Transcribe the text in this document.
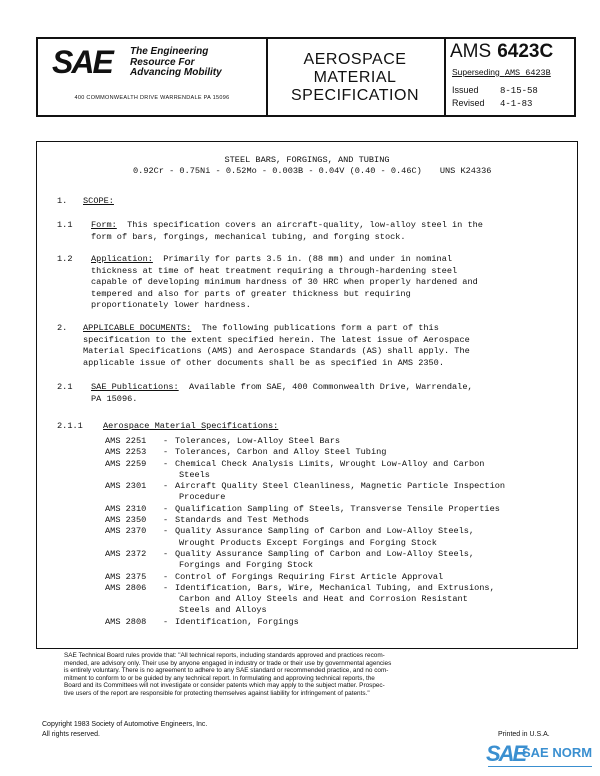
SAE	The Engineering
Resource For
Advancing Mobility
400 COMMONWEALTH DRIVE WARRENDALE PA 15096
AEROSPACE
MATERIAL
SPECIFICATION
AMS 6423C
Superseding AMS 6423B
Issued 8-15-58
Revised 4-1-83
STEEL BARS, FORGINGS, AND TUBING
0.92Cr - 0.75Ni - 0.52Mo - 0.003B - 0.04V (0.40 - 0.46C) UNS K24336
1. SCOPE:
1.1 Form: This specification covers an aircraft-quality, low-alloy steel in the
form of bars, forgings, mechanical tubing, and forging stock.
1.2 Application: Primarily for parts 3.5 in. (88 mm) and under in nominal
thickness at time of heat treatment requiring a through-hardening steel
capable of developing minimum hardness of 30 HRC when properly hardened and
tempered and also for parts of greater thickness but requiring
proportionately lower hardness.
2. APPLICABLE DOCUMENTS: The following publications form a part of this
specification to the extent specified herein. The latest issue of Aerospace
Material Specifications (AMS) and Aerospace Standards (AS) shall apply. The
applicable issue of other documents shall be as specified in AMS 2350.
2.1 SAE Publications: Available from SAE, 400 Commonwealth Drive, Warrendale,
PA 15096.
2.1.1 Aerospace Material Specifications:
AMS 2251 - Tolerances, Low-Alloy Steel Bars
AMS 2253 - Tolerances, Carbon and Alloy Steel Tubing
AMS 2259 - Chemical Check Analysis Limits, Wrought Low-Alloy and Carbon
Steels
AMS 2301 - Aircraft Quality Steel Cleanliness, Magnetic Particle Inspection
Procedure
AMS 2310 - Qualification Sampling of Steels, Transverse Tensile Properties
AMS 2350 - Standards and Test Methods
AMS 2370 - Quality Assurance Sampling of Carbon and Low-Alloy Steels,
Wrought Products Except Forgings and Forging Stock
AMS 2372 - Quality Assurance Sampling of Carbon and Low-Alloy Steels,
Forgings and Forging Stock
AMS 2375 - Control of Forgings Requiring First Article Approval
AMS 2806 - Identification, Bars, Wire, Mechanical Tubing, and Extrusions,
Carbon and Alloy Steels and Heat and Corrosion Resistant
Steels and Alloys
AMS 2808 - Identification, Forgings
SAE Technical Board rules provide that: "All technical reports, including standards approved and practices recom-
mended, are advisory only. Their use by anyone engaged in industry or trade or their use by governmental agencies
is entirely voluntary. There is no agreement to adhere to any SAE standard or recommended practice, and no com-
mitment to conform to or be guided by any technical report. In formulating and approving technical reports, the
Board and its Committees will not investigate or consider patents which may apply to the subject matter. Prospec-
tive users of the report are responsible for protecting themselves against liability for infringement of patents."
Copyright 1983 Society of Automotive Engineers, Inc.
All rights reserved.	Printed in U.S.A.
SAE
SAE NORM
